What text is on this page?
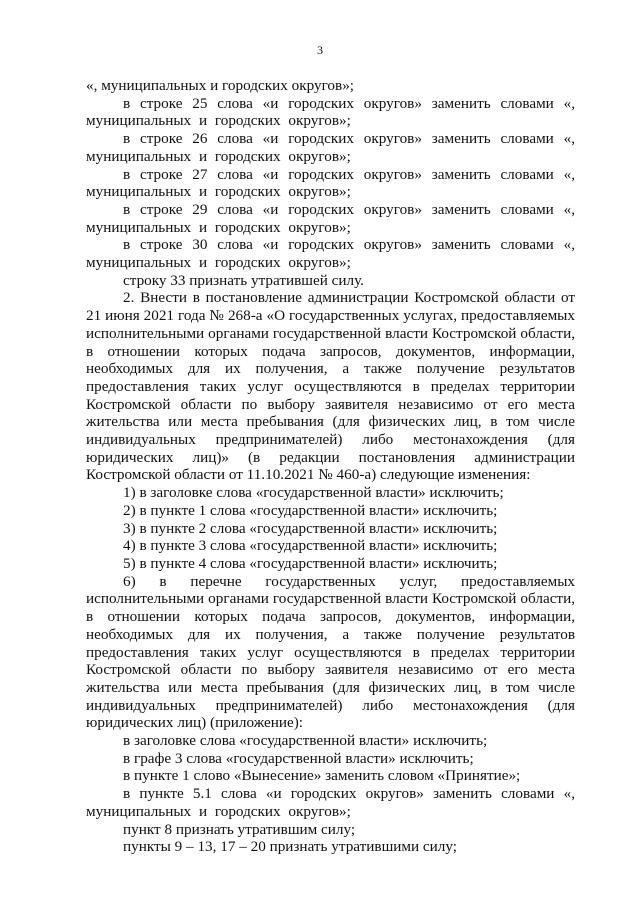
3

«, муниципальных и городских округов»;

в строке 25 слова «и городских округов» заменить словами «, муниципальных и городских округов»;

в строке 26 слова «и городских округов» заменить словами «, муниципальных и городских округов»;

в строке 27 слова «и городских округов» заменить словами «, муниципальных и городских округов»;

в строке 29 слова «и городских округов» заменить словами «, муниципальных и городских округов»;

в строке 30 слова «и городских округов» заменить словами «, муниципальных и городских округов»;

строку 33 признать утратившей силу.

2. Внести в постановление администрации Костромской области от 21 июня 2021 года № 268-а «О государственных услугах, предоставляемых исполнительными органами государственной власти Костромской области, в отношении которых подача запросов, документов, информации, необходимых для их получения, а также получение результатов предоставления таких услуг осуществляются в пределах территории Костромской области по выбору заявителя независимо от его места жительства или места пребывания (для физических лиц, в том числе индивидуальных предпринимателей) либо местонахождения (для юридических лиц)» (в редакции постановления администрации Костромской области от 11.10.2021 № 460-а) следующие изменения:

1) в заголовке слова «государственной власти» исключить;

2) в пункте 1 слова «государственной власти» исключить;

3) в пункте 2 слова «государственной власти» исключить;

4) в пункте 3 слова «государственной власти» исключить;

5) в пункте 4 слова «государственной власти» исключить;

6) в перечне государственных услуг, предоставляемых исполнительными органами государственной власти Костромской области, в отношении которых подача запросов, документов, информации, необходимых для их получения, а также получение результатов предоставления таких услуг осуществляются в пределах территории Костромской области по выбору заявителя независимо от его места жительства или места пребывания (для физических лиц, в том числе индивидуальных предпринимателей) либо местонахождения (для юридических лиц) (приложение):

в заголовке слова «государственной власти» исключить;

в графе 3 слова «государственной власти» исключить;

в пункте 1 слово «Вынесение» заменить словом «Принятие»;

в пункте 5.1 слова «и городских округов» заменить словами «, муниципальных и городских округов»;

пункт 8 признать утратившим силу;

пункты 9 – 13, 17 – 20 признать утратившими силу;
